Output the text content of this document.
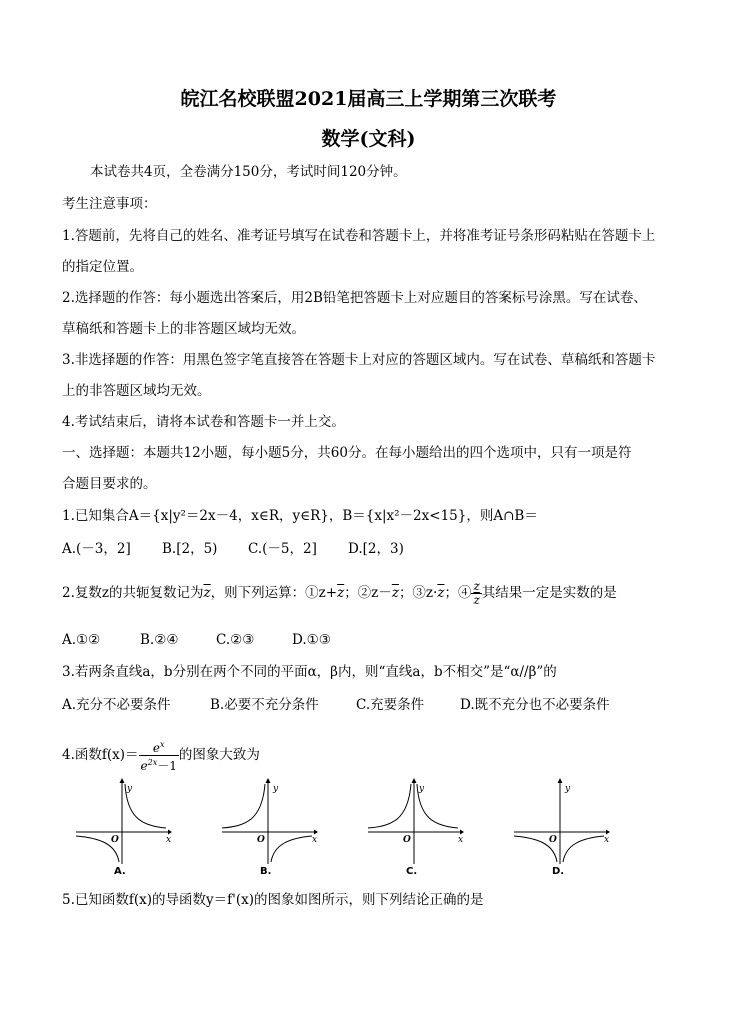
皖江名校联盟2021届高三上学期第三次联考
数学(文科)
本试卷共4页，全卷满分150分，考试时间120分钟。
考生注意事项：
1.答题前，先将自己的姓名、准考证号填写在试卷和答题卡上，并将准考证号条形码粘贴在答题卡上
的指定位置。
2.选择题的作答：每小题选出答案后，用2B铅笔把答题卡上对应题目的答案标号涂黑。写在试卷、
草稿纸和答题卡上的非答题区域均无效。
3.非选择题的作答：用黑色签字笔直接答在答题卡上对应的答题区域内。写在试卷、草稿纸和答题卡
上的非答题区域均无效。
4.考试结束后，请将本试卷和答题卡一并上交。
一、选择题：本题共12小题，每小题5分，共60分。在每小题给出的四个选项中，只有一项是符
合题目要求的。
1.已知集合A＝{x|y²＝2x－4，x∈R，y∈R}，B＝{x|x²－2x<15}，则A∩B＝
A.(－3，2] B.[2，5) C.(－5，2] D.[2，3)
2.复数z的共轭复数记为$\overline{z}$，则下列运算：$①z+\overline{z}$；$②z-\overline{z}$；$③z\cdot\overline{z}$；④ $\frac{z}{z}$ 其结果一定是实数的是
A.①②	B.②④	C.②③	D.①③
3.若两条直线a，b分别在两个不同的平面α，β内，则“直线a，b不相交”是“α//β”的
A.充分不必要条件	B.必要不充分条件	C.充要条件	D.既不充分也不必要条件
4.函数$f(x)= \frac{e^x}{e^{2x}-1}$ 的图象大致为
y
x
O
A.
y
x
O
B.
y
x
O
C.
y
x
O
D.
5.已知函数f(x)的导函数y＝f'(x)的图象如图所示，则下列结论正确的是
